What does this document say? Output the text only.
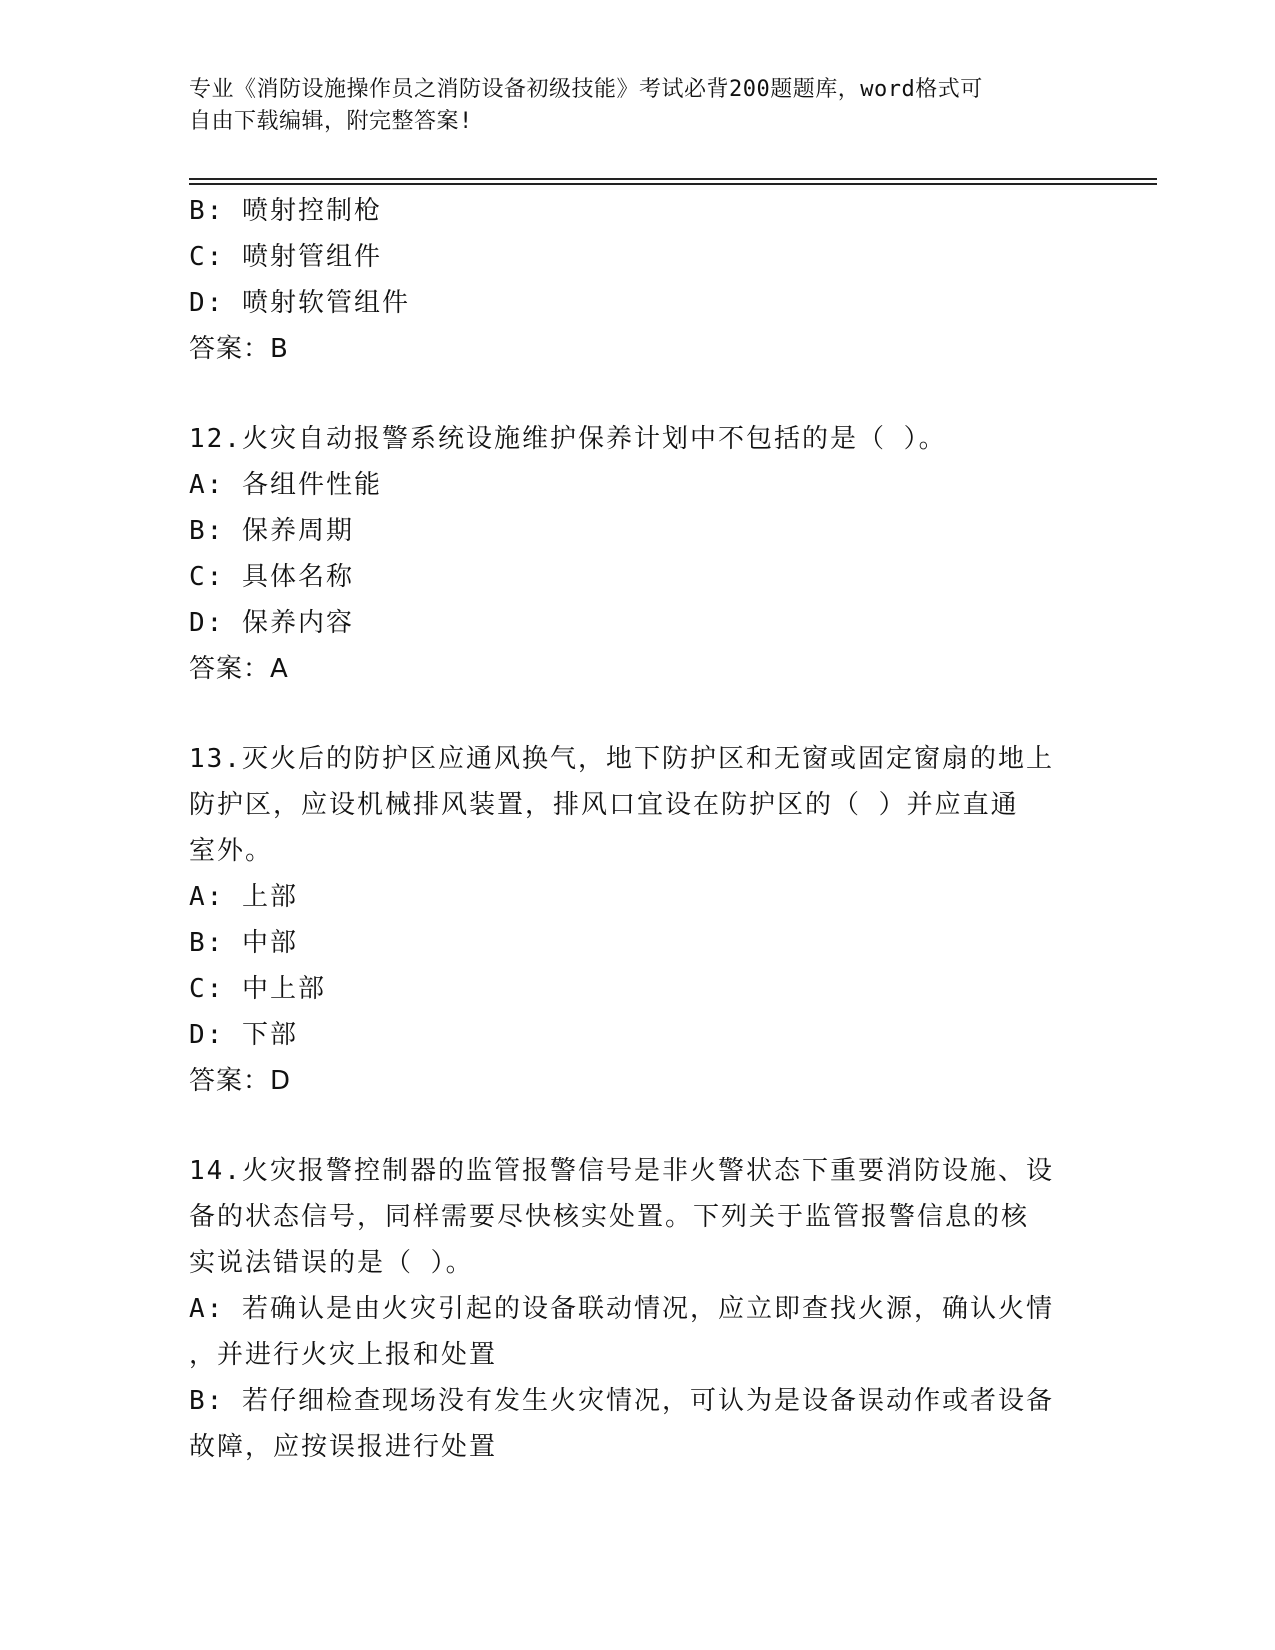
专业《消防设施操作员之消防设备初级技能》考试必背200题题库，word格式可
自由下载编辑，附完整答案!
B: 喷射控制枪
C: 喷射管组件
D: 喷射软管组件
答案：B
12.火灾自动报警系统设施维护保养计划中不包括的是（ ）。
A: 各组件性能
B: 保养周期
C: 具体名称
D: 保养内容
答案：A
13.灭火后的防护区应通风换气，地下防护区和无窗或固定窗扇的地上
防护区，应设机械排风装置，排风口宜设在防护区的（ ）并应直通
室外。
A: 上部
B: 中部
C: 中上部
D: 下部
答案：D
14.火灾报警控制器的监管报警信号是非火警状态下重要消防设施、设
备的状态信号，同样需要尽快核实处置。下列关于监管报警信息的核
实说法错误的是（ ）。
A: 若确认是由火灾引起的设备联动情况，应立即查找火源，确认火情
，并进行火灾上报和处置
B: 若仔细检查现场没有发生火灾情况，可认为是设备误动作或者设备
故障，应按误报进行处置
